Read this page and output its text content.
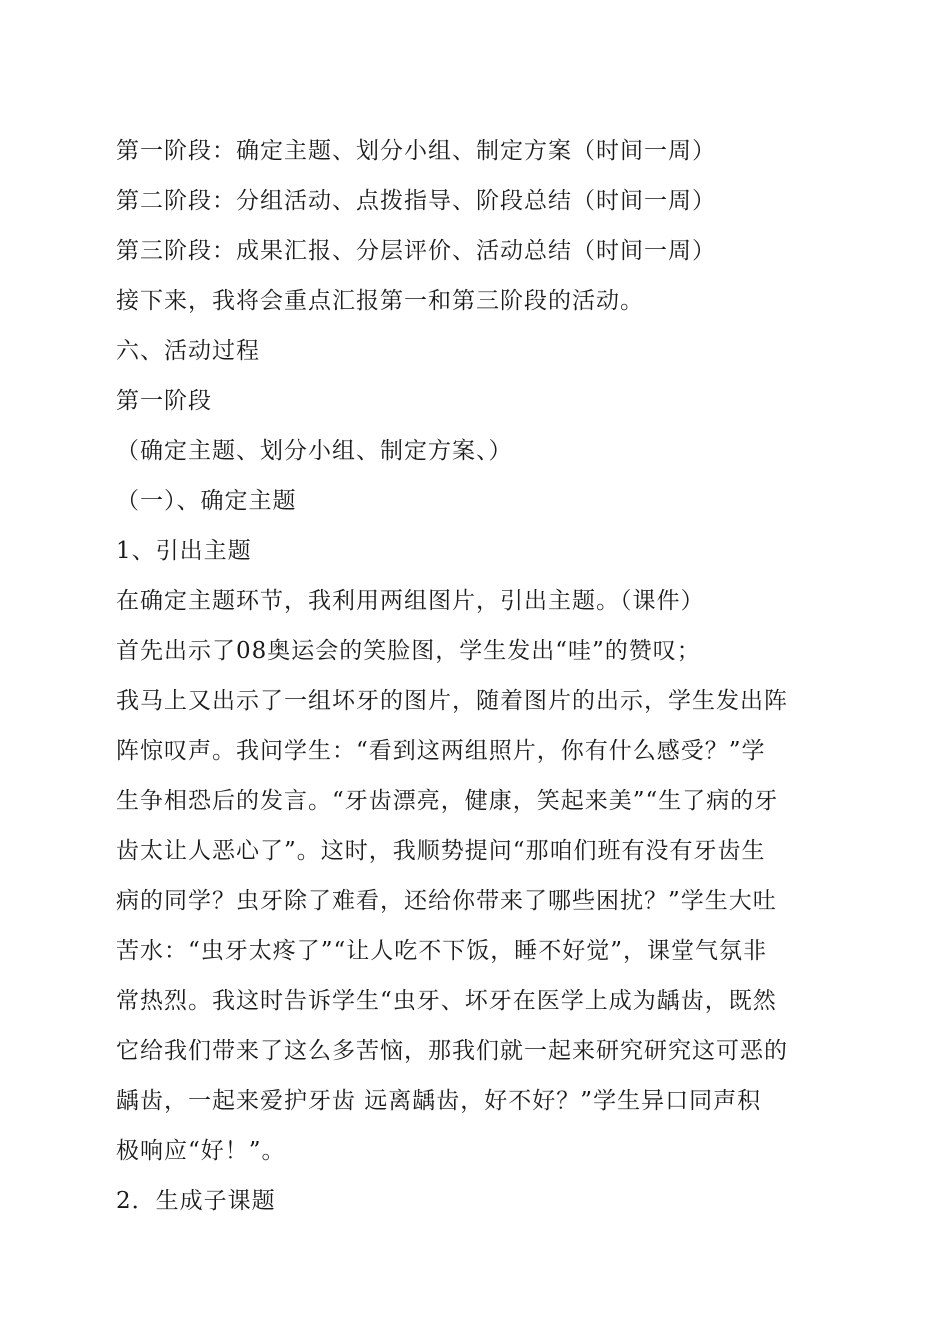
第一阶段：确定主题、划分小组、制定方案（时间一周）
第二阶段：分组活动、点拨指导、阶段总结（时间一周）
第三阶段：成果汇报、分层评价、活动总结（时间一周）
接下来，我将会重点汇报第一和第三阶段的活动。
六、活动过程
第一阶段
（确定主题、划分小组、制定方案、）
（一）、确定主题
1、引出主题
在确定主题环节，我利用两组图片，引出主题。（课件）
首先出示了08奥运会的笑脸图，学生发出“哇”的赞叹；
我马上又出示了一组坏牙的图片，随着图片的出示，学生发出阵
阵惊叹声。我问学生：“看到这两组照片，你有什么感受？”学
生争相恐后的发言。“牙齿漂亮，健康，笑起来美”“生了病的牙
齿太让人恶心了”。这时，我顺势提问“那咱们班有没有牙齿生
病的同学？虫牙除了难看，还给你带来了哪些困扰？”学生大吐
苦水：“虫牙太疼了”“让人吃不下饭，睡不好觉”，课堂气氛非
常热烈。我这时告诉学生“虫牙、坏牙在医学上成为龋齿，既然
它给我们带来了这么多苦恼，那我们就一起来研究研究这可恶的
龋齿，一起来爱护牙齿 远离龋齿，好不好？”学生异口同声积
极响应“好！”。
2．生成子课题
